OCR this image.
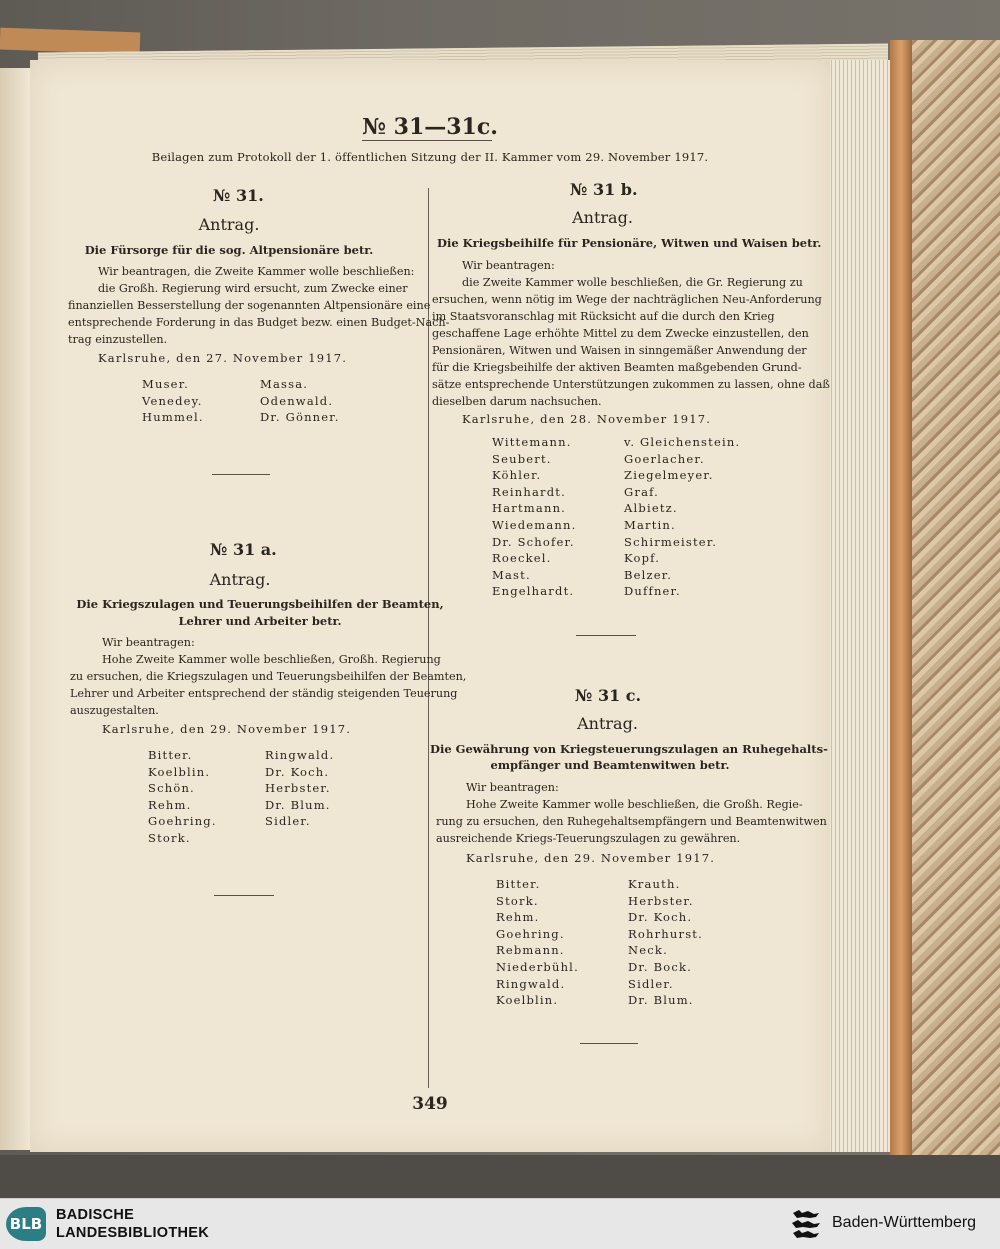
№ 31—31c.
Beilagen zum Protokoll der 1. öffentlichen Sitzung der II. Kammer vom 29. November 1917.
№ 31.
Antrag.
Die Fürsorge für die sog. Altpensionäre betr.
Wir beantragen, die Zweite Kammer wolle beschließen:
die Großh. Regierung wird ersucht, zum Zwecke einer
finanziellen Besserstellung der sogenannten Altpensionäre eine
entsprechende Forderung in das Budget bezw. einen Budget-Nach-
trag einzustellen.
Karlsruhe, den 27. November 1917.
Muser.
Venedey.
Hummel.
Massa.
Odenwald.
Dr. Gönner.
№ 31 a.
Antrag.
Die Kriegszulagen und Teuerungsbeihilfen der Beamten,
Lehrer und Arbeiter betr.
Wir beantragen:
Hohe Zweite Kammer wolle beschließen, Großh. Regierung
zu ersuchen, die Kriegszulagen und Teuerungsbeihilfen der Beamten,
Lehrer und Arbeiter entsprechend der ständig steigenden Teuerung
auszugestalten.
Karlsruhe, den 29. November 1917.
Bitter.
Koelblin.
Schön.
Rehm.
Goehring.
Stork.
Ringwald.
Dr. Koch.
Herbster.
Dr. Blum.
Sidler.
№ 31 b.
Antrag.
Die Kriegsbeihilfe für Pensionäre, Witwen und Waisen betr.
Wir beantragen:
die Zweite Kammer wolle beschließen, die Gr. Regierung zu
ersuchen, wenn nötig im Wege der nachträglichen Neu-Anforderung
im Staatsvoranschlag mit Rücksicht auf die durch den Krieg
geschaffene Lage erhöhte Mittel zu dem Zwecke einzustellen, den
Pensionären, Witwen und Waisen in sinngemäßer Anwendung der
für die Kriegsbeihilfe der aktiven Beamten maßgebenden Grund-
sätze entsprechende Unterstützungen zukommen zu lassen, ohne daß
dieselben darum nachsuchen.
Karlsruhe, den 28. November 1917.
Wittemann.
Seubert.
Köhler.
Reinhardt.
Hartmann.
Wiedemann.
Dr. Schofer.
Roeckel.
Mast.
Engelhardt.
v. Gleichenstein.
Goerlacher.
Ziegelmeyer.
Graf.
Albietz.
Martin.
Schirmeister.
Kopf.
Belzer.
Duffner.
№ 31 c.
Antrag.
Die Gewährung von Kriegsteuerungszulagen an Ruhegehalts-
empfänger und Beamtenwitwen betr.
Wir beantragen:
Hohe Zweite Kammer wolle beschließen, die Großh. Regie-
rung zu ersuchen, den Ruhegehaltsempfängern und Beamtenwitwen
ausreichende Kriegs-Teuerungszulagen zu gewähren.
Karlsruhe, den 29. November 1917.
Bitter.
Stork.
Rehm.
Goehring.
Rebmann.
Niederbühl.
Ringwald.
Koelblin.
Krauth.
Herbster.
Dr. Koch.
Rohrhurst.
Neck.
Dr. Bock.
Sidler.
Dr. Blum.
349
BLB BADISCHE
LANDESBIBLIOTHEK
Baden-Württemberg
